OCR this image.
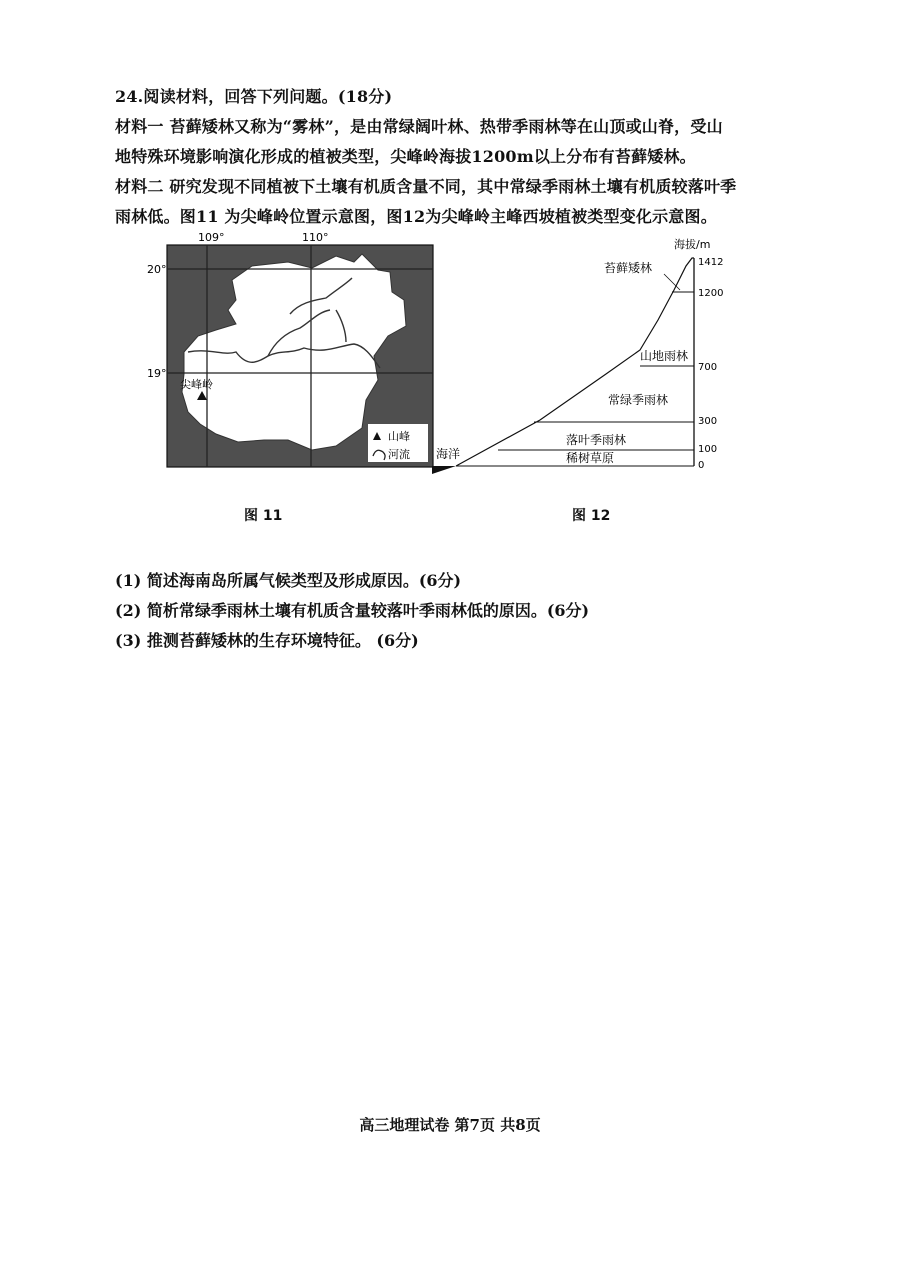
24.阅读材料，回答下列问题。(18分)
材料一 苔藓矮林又称为“雾林”，是由常绿阔叶林、热带季雨林等在山顶或山脊，受山
地特殊环境影响演化形成的植被类型，尖峰岭海拔1200m以上分布有苔藓矮林。
材料二 研究发现不同植被下土壤有机质含量不同，其中常绿季雨林土壤有机质较落叶季
雨林低。图11 为尖峰岭位置示意图，图12为尖峰岭主峰西坡植被类型变化示意图。
109°	110°
20°
19°
尖峰岭
山峰
河流
图 11
海拔/m
海洋
1412
1200
700
300
100
0
苔藓矮林
山地雨林
常绿季雨林
落叶季雨林
稀树草原
图 12
(1) 简述海南岛所属气候类型及形成原因。(6分)
(2) 简析常绿季雨林土壤有机质含量较落叶季雨林低的原因。(6分)
(3) 推测苔藓矮林的生存环境特征。 (6分)
高三地理试卷 第7页 共8页
